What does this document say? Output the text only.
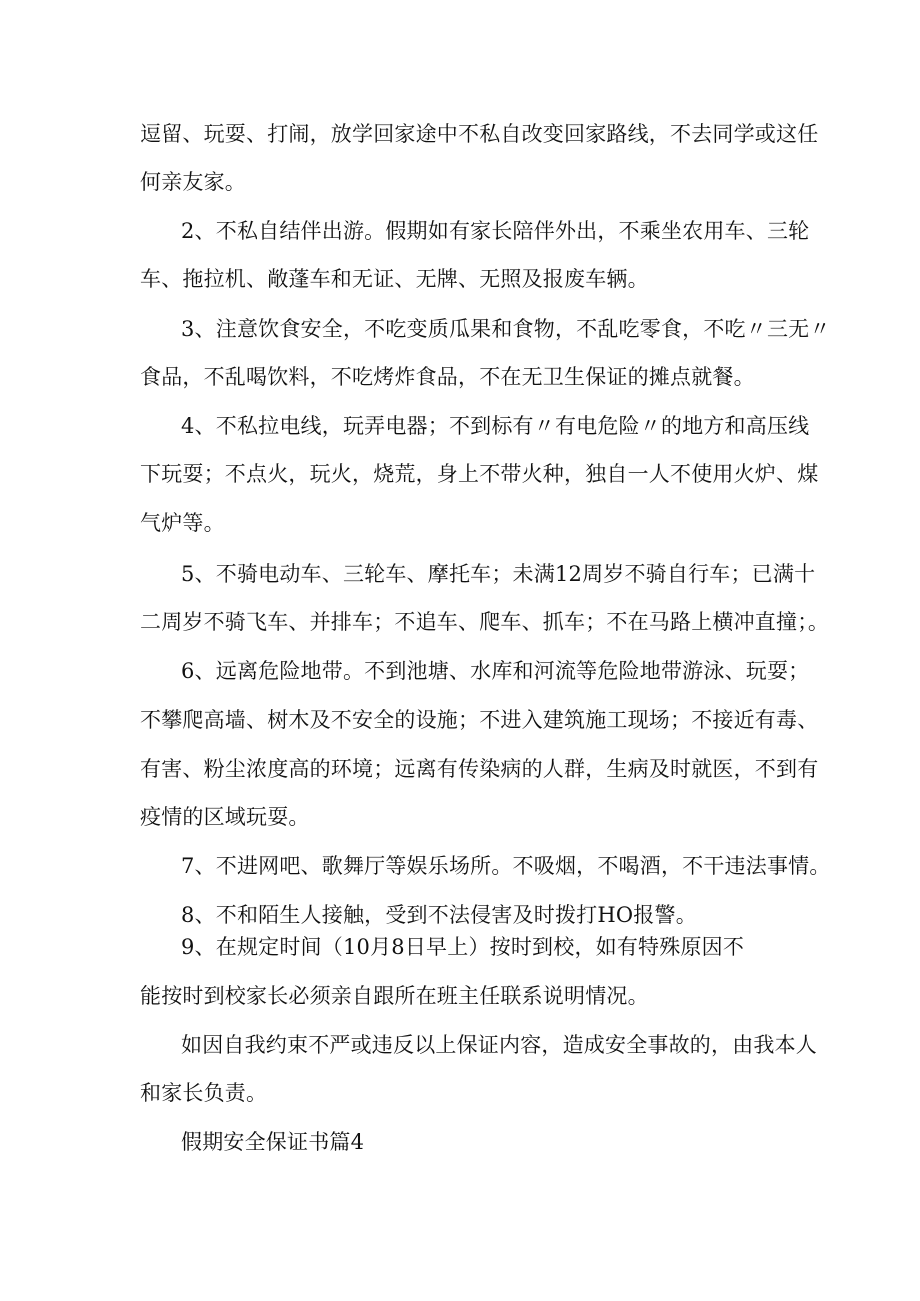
逗留、玩耍、打闹，放学回家途中不私自改变回家路线，不去同学或这任
何亲友家。
2、不私自结伴出游。假期如有家长陪伴外出，不乘坐农用车、三轮
车、拖拉机、敞蓬车和无证、无牌、无照及报废车辆。
3、注意饮食安全，不吃变质瓜果和食物，不乱吃零食，不吃〃三无〃
食品，不乱喝饮料，不吃烤炸食品，不在无卫生保证的摊点就餐。
4、不私拉电线，玩弄电器；不到标有〃有电危险〃的地方和高压线
下玩耍；不点火，玩火，烧荒，身上不带火种，独自一人不使用火炉、煤
气炉等。
5、不骑电动车、三轮车、摩托车；未满12周岁不骑自行车；已满十
二周岁不骑飞车、并排车；不追车、爬车、抓车；不在马路上横冲直撞；。
6、远离危险地带。不到池塘、水库和河流等危险地带游泳、玩耍；
不攀爬高墙、树木及不安全的设施；不进入建筑施工现场；不接近有毒、
有害、粉尘浓度高的环境；远离有传染病的人群，生病及时就医，不到有
疫情的区域玩耍。
7、不进网吧、歌舞厅等娱乐场所。不吸烟，不喝酒，不干违法事情。
8、不和陌生人接触，受到不法侵害及时拨打HO报警。
9、在规定时间（10月8日早上）按时到校，如有特殊原因不
能按时到校家长必须亲自跟所在班主任联系说明情况。
如因自我约束不严或违反以上保证内容，造成安全事故的，由我本人
和家长负责。
假期安全保证书篇4
